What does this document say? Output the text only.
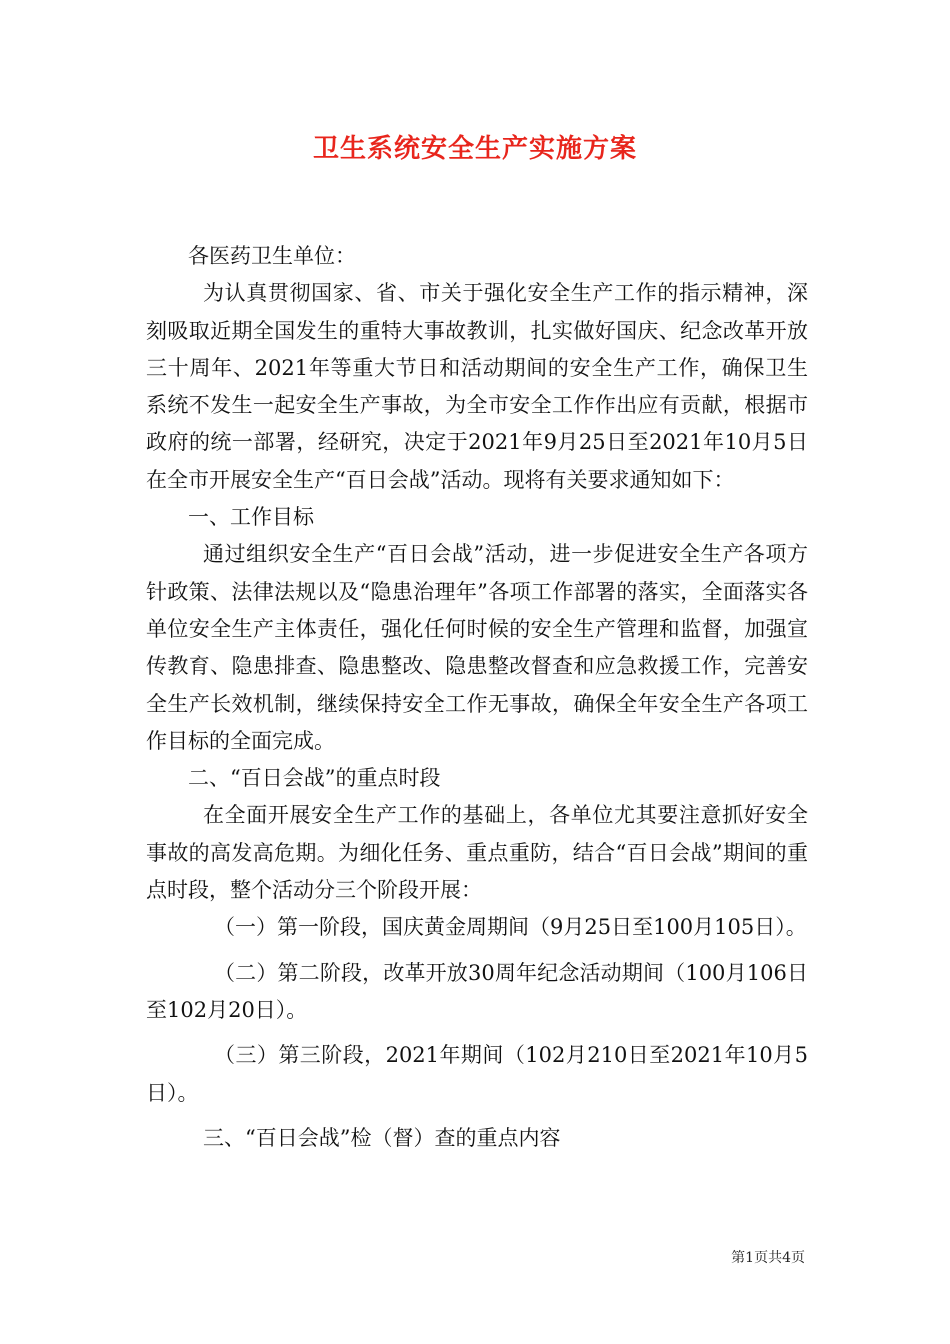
卫生系统安全生产实施方案

各医药卫生单位：

为认真贯彻国家、省、市关于强化安全生产工作的指示精神，深刻吸取近期全国发生的重特大事故教训，扎实做好国庆、纪念改革开放三十周年、2021年等重大节日和活动期间的安全生产工作，确保卫生系统不发生一起安全生产事故，为全市安全工作作出应有贡献，根据市政府的统一部署，经研究，决定于2021年9月25日至2021年10月5日在全市开展安全生产“百日会战”活动。现将有关要求通知如下：

一、工作目标

通过组织安全生产“百日会战”活动，进一步促进安全生产各项方针政策、法律法规以及“隐患治理年”各项工作部署的落实，全面落实各单位安全生产主体责任，强化任何时候的安全生产管理和监督，加强宣传教育、隐患排查、隐患整改、隐患整改督查和应急救援工作，完善安全生产长效机制，继续保持安全工作无事故，确保全年安全生产各项工作目标的全面完成。

二、“百日会战”的重点时段

在全面开展安全生产工作的基础上，各单位尤其要注意抓好安全事故的高发高危期。为细化任务、重点重防，结合“百日会战”期间的重点时段，整个活动分三个阶段开展：

（一）第一阶段，国庆黄金周期间（9月25日至100月105日）。

（二）第二阶段，改革开放30周年纪念活动期间（100月106日至102月20日）。

（三）第三阶段，2021年期间（102月210日至2021年10月5日）。

三、“百日会战”检（督）查的重点内容

第1页共4页
